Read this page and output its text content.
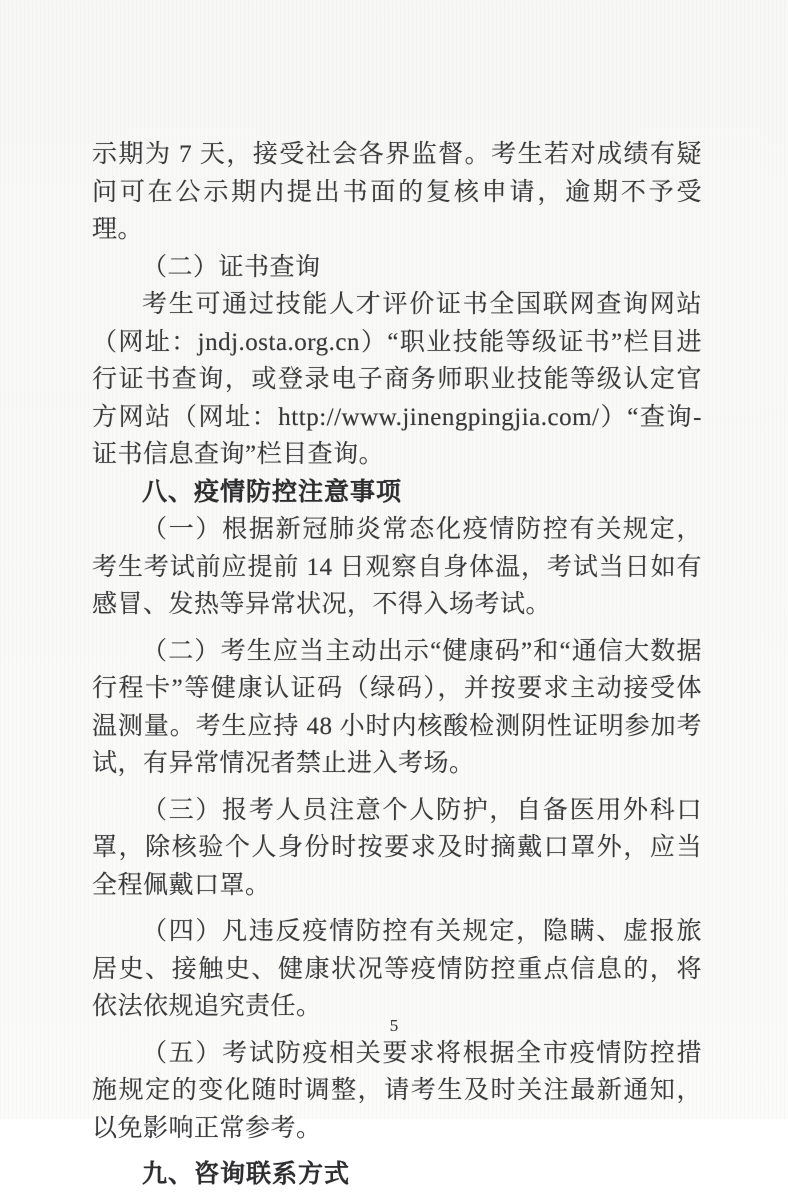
示期为 7 天，接受社会各界监督。考生若对成绩有疑问可在公示期内提出书面的复核申请，逾期不予受理。

（二）证书查询

考生可通过技能人才评价证书全国联网查询网站（网址：jndj.osta.org.cn）“职业技能等级证书”栏目进行证书查询，或登录电子商务师职业技能等级认定官方网站（网址：http://www.jinengpingjia.com/）“查询-证书信息查询”栏目查询。

八、疫情防控注意事项

（一）根据新冠肺炎常态化疫情防控有关规定，考生考试前应提前 14 日观察自身体温，考试当日如有感冒、发热等异常状况，不得入场考试。

（二）考生应当主动出示“健康码”和“通信大数据行程卡”等健康认证码（绿码），并按要求主动接受体温测量。考生应持 48 小时内核酸检测阴性证明参加考试，有异常情况者禁止进入考场。

（三）报考人员注意个人防护，自备医用外科口罩，除核验个人身份时按要求及时摘戴口罩外，应当全程佩戴口罩。

（四）凡违反疫情防控有关规定，隐瞒、虚报旅居史、接触史、健康状况等疫情防控重点信息的，将依法依规追究责任。

（五）考试防疫相关要求将根据全市疫情防控措施规定的变化随时调整，请考生及时关注最新通知，以免影响正常参考。

九、咨询联系方式

5
